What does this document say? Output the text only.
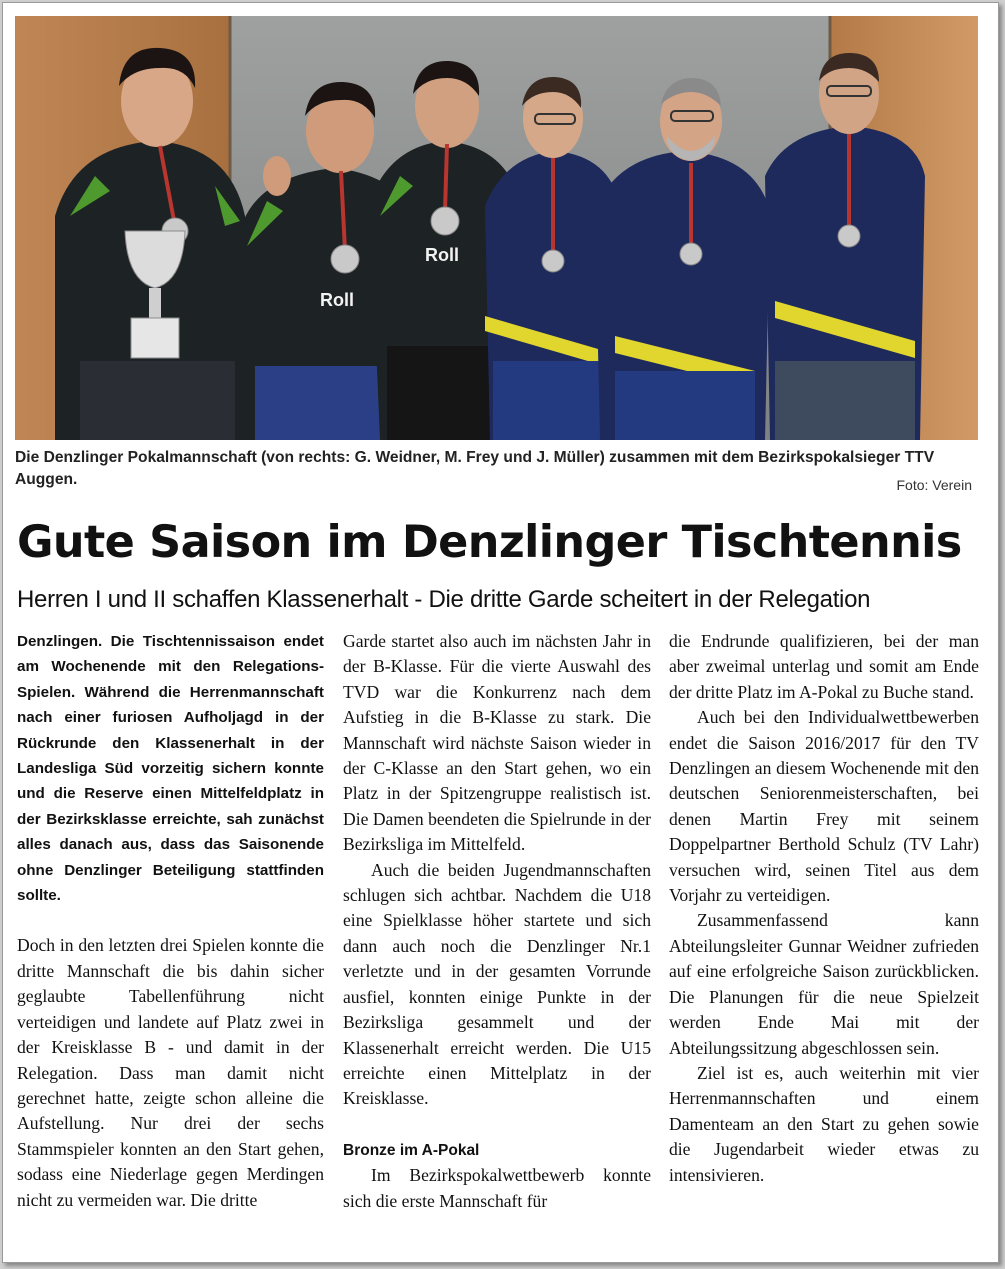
Roll
Roll
Die Denzlinger Pokalmannschaft (von rechts: G. Weidner, M. Frey und J. Müller) zusammen mit dem Bezirkspokalsieger TTV Auggen.	Foto: Verein
Gute Saison im Denzlinger Tischtennis
Herren I und II schaffen Klassenerhalt - Die dritte Garde scheitert in der Relegation

Denzlingen. Die Tischtennissaison endet am Wochenende mit den Relegations-Spielen. Während die Herrenmannschaft nach einer furiosen Aufholjagd in der Rückrunde den Klassenerhalt in der Landesliga Süd vorzeitig sichern konnte und die Reserve einen Mittelfeldplatz in der Bezirksklasse erreichte, sah zunächst alles danach aus, dass das Saisonende ohne Denzlinger Beteiligung stattfinden sollte.

Doch in den letzten drei Spielen konnte die dritte Mannschaft die bis dahin sicher geglaubte Tabellenführung nicht verteidigen und landete auf Platz zwei in der Kreisklasse B - und damit in der Relegation. Dass man damit nicht gerechnet hatte, zeigte schon alleine die Aufstellung. Nur drei der sechs Stammspieler konnten an den Start gehen, sodass eine Niederlage gegen Merdingen nicht zu vermeiden war. Die dritte

Garde startet also auch im nächsten Jahr in der B-Klasse. Für die vierte Auswahl des TVD war die Konkurrenz nach dem Aufstieg in die B-Klasse zu stark. Die Mannschaft wird nächste Saison wieder in der C-Klasse an den Start gehen, wo ein Platz in der Spitzengruppe realistisch ist. Die Damen beendeten die Spielrunde in der Bezirksliga im Mittelfeld.

Auch die beiden Jugendmannschaften schlugen sich achtbar. Nachdem die U18 eine Spielklasse höher startete und sich dann auch noch die Denzlinger Nr.1 verletzte und in der gesamten Vorrunde ausfiel, konnten einige Punkte in der Bezirksliga gesammelt und der Klassenerhalt erreicht werden. Die U15 erreichte einen Mittelplatz in der Kreisklasse.

Bronze im A-Pokal

Im Bezirkspokalwettbewerb konnte sich die erste Mannschaft für

die Endrunde qualifizieren, bei der man aber zweimal unterlag und somit am Ende der dritte Platz im A-Pokal zu Buche stand.

Auch bei den Individualwettbewerben endet die Saison 2016/2017 für den TV Denzlingen an diesem Wochenende mit den deutschen Seniorenmeisterschaften, bei denen Martin Frey mit seinem Doppelpartner Berthold Schulz (TV Lahr) versuchen wird, seinen Titel aus dem Vorjahr zu verteidigen.

Zusammenfassend kann Abteilungsleiter Gunnar Weidner zufrieden auf eine erfolgreiche Saison zurückblicken. Die Planungen für die neue Spielzeit werden Ende Mai mit der Abteilungssitzung abgeschlossen sein.

Ziel ist es, auch weiterhin mit vier Herrenmannschaften und einem Damenteam an den Start zu gehen sowie die Jugendarbeit wieder etwas zu intensivieren.
